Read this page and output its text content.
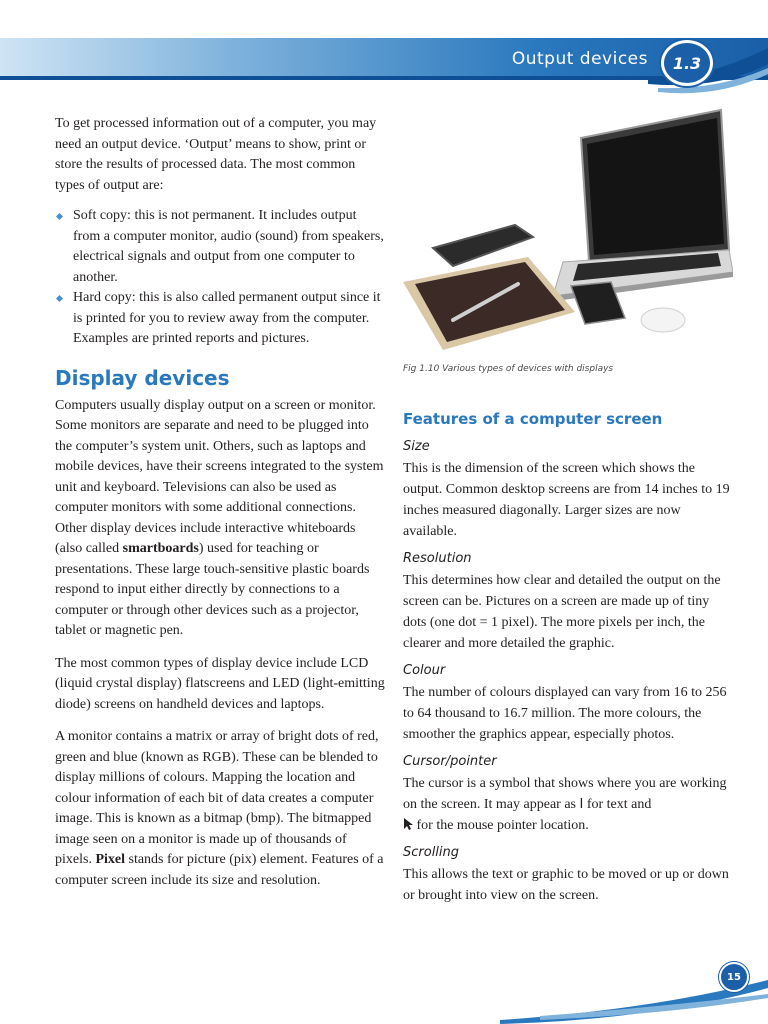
Output devices	1.3

To get processed information out of a computer, you may need an output device. ‘Output’ means to show, print or store the results of processed data. The most common types of output are:

Soft copy: this is not permanent. It includes output from a computer monitor, audio (sound) from speakers, electrical signals and output from one computer to another.
Hard copy: this is also called permanent output since it is printed for you to review away from the computer. Examples are printed reports and pictures.
Display devices

Computers usually display output on a screen or monitor. Some monitors are separate and need to be plugged into the computer’s system unit. Others, such as laptops and mobile devices, have their screens integrated to the system unit and keyboard. Televisions can also be used as computer monitors with some additional connections. Other display devices include interactive whiteboards (also called smartboards) used for teaching or presentations. These large touch-sensitive plastic boards respond to input either directly by connections to a computer or through other devices such as a projector, tablet or magnetic pen.

The most common types of display device include LCD (liquid crystal display) flatscreens and LED (light-emitting diode) screens on handheld devices and laptops.

A monitor contains a matrix or array of bright dots of red, green and blue (known as RGB). These can be blended to display millions of colours. Mapping the location and colour information of each bit of data creates a computer image. This is known as a bitmap (bmp). The bitmapped image seen on a monitor is made up of thousands of pixels. Pixel stands for picture (pix) element. Features of a computer screen include its size and resolution.

Fig 1.10 Various types of devices with displays
Features of a computer screen
Size

This is the dimension of the screen which shows the output. Common desktop screens are from 14 inches to 19 inches measured diagonally. Larger sizes are now available.

Resolution

This determines how clear and detailed the output on the screen can be. Pictures on a screen are made up of tiny dots (one dot = 1 pixel). The more pixels per inch, the clearer and more detailed the graphic.

Colour

The number of colours displayed can vary from 16 to 256 to 64 thousand to 16.7 million. The more colours, the smoother the graphics appear, especially photos.

Cursor/pointer

The cursor is a symbol that shows where you are working on the screen. It may appear as I for text and
for the mouse pointer location.

Scrolling

This allows the text or graphic to be moved or up or down or brought into view on the screen.

15
